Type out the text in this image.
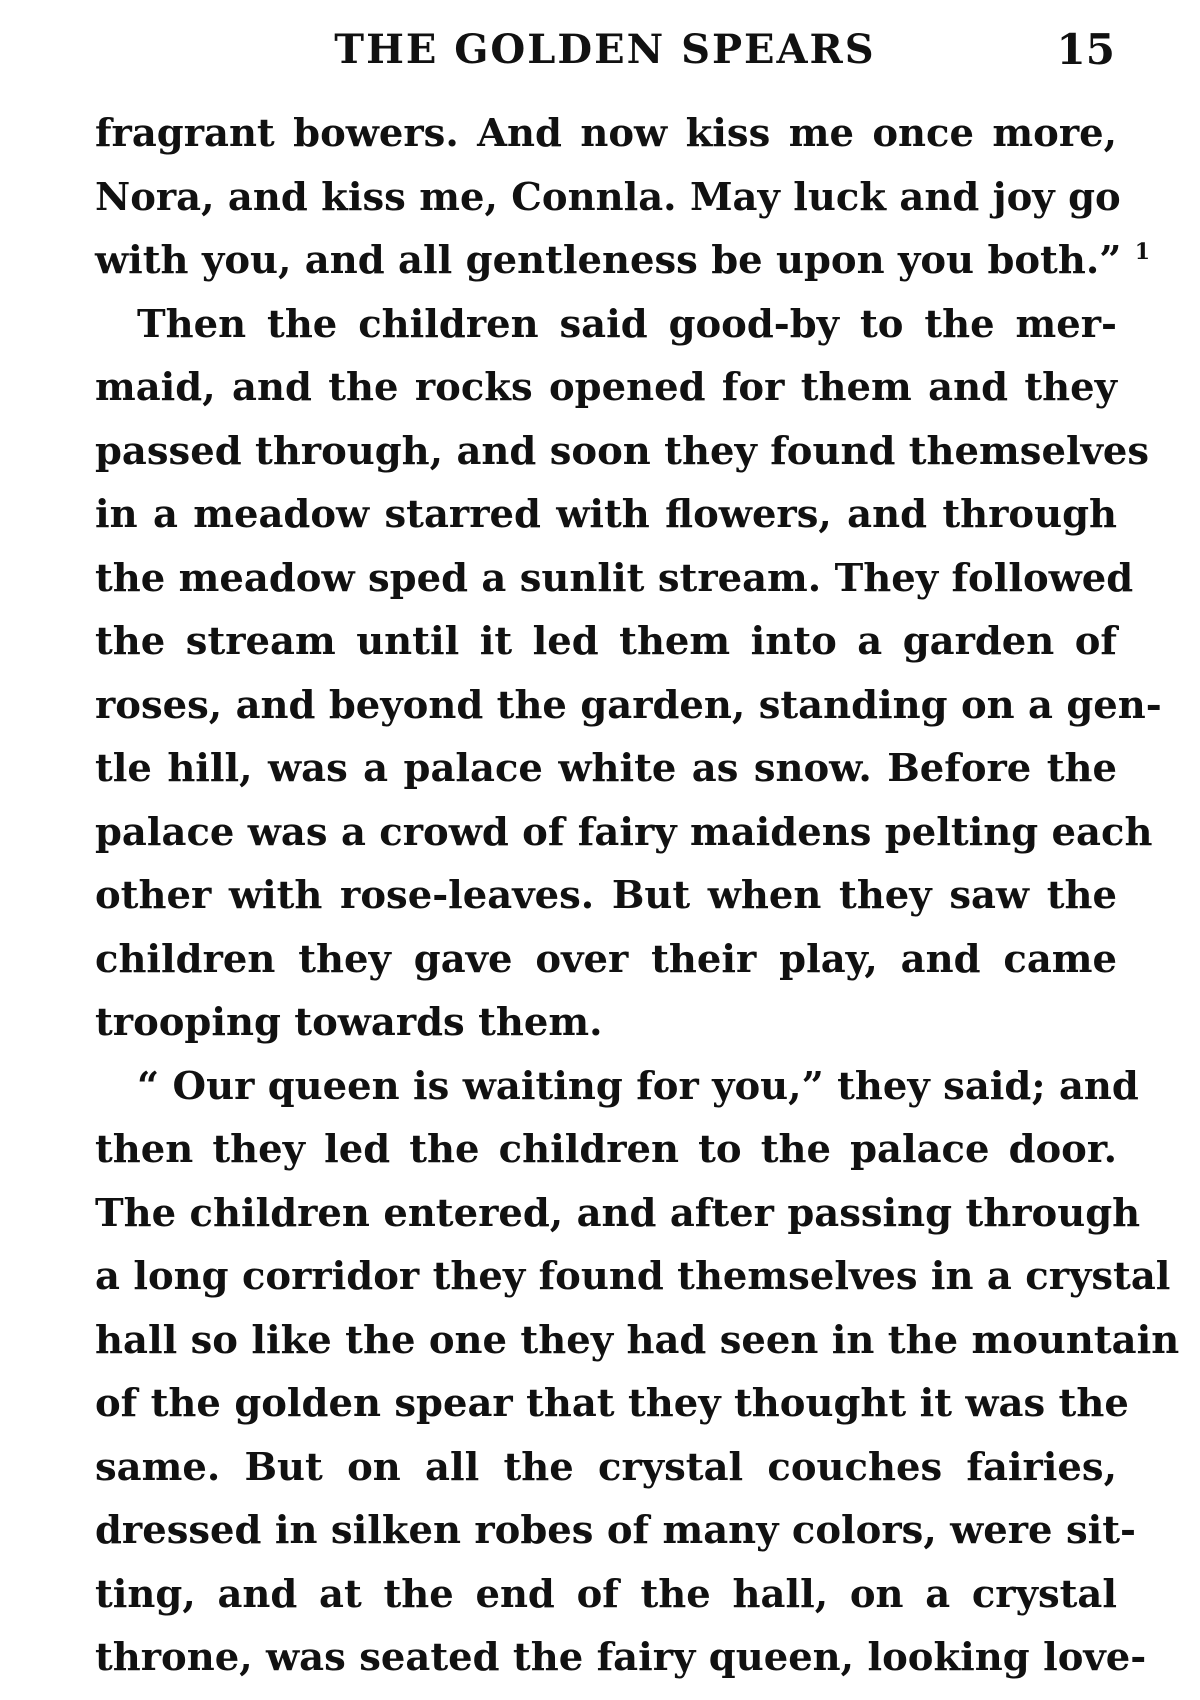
THE GOLDEN SPEARS	15
fragrant bowers. And now kiss me once more,
Nora, and kiss me, Connla. May luck and joy go
with you, and all gentleness be upon you both.” $^1$
Then the children said good-by to the mer-
maid, and the rocks opened for them and they
passed through, and soon they found themselves
in a meadow starred with flowers, and through
the meadow sped a sunlit stream. They followed
the stream until it led them into a garden of
roses, and beyond the garden, standing on a gen-
tle hill, was a palace white as snow. Before the
palace was a crowd of fairy maidens pelting each
other with rose-leaves. But when they saw the
children they gave over their play, and came
trooping towards them.
“ Our queen is waiting for you,” they said; and
then they led the children to the palace door.
The children entered, and after passing through
a long corridor they found themselves in a crystal
hall so like the one they had seen in the mountain
of the golden spear that they thought it was the
same. But on all the crystal couches fairies,
dressed in silken robes of many colors, were sit-
ting, and at the end of the hall, on a crystal
throne, was seated the fairy queen, looking love-
